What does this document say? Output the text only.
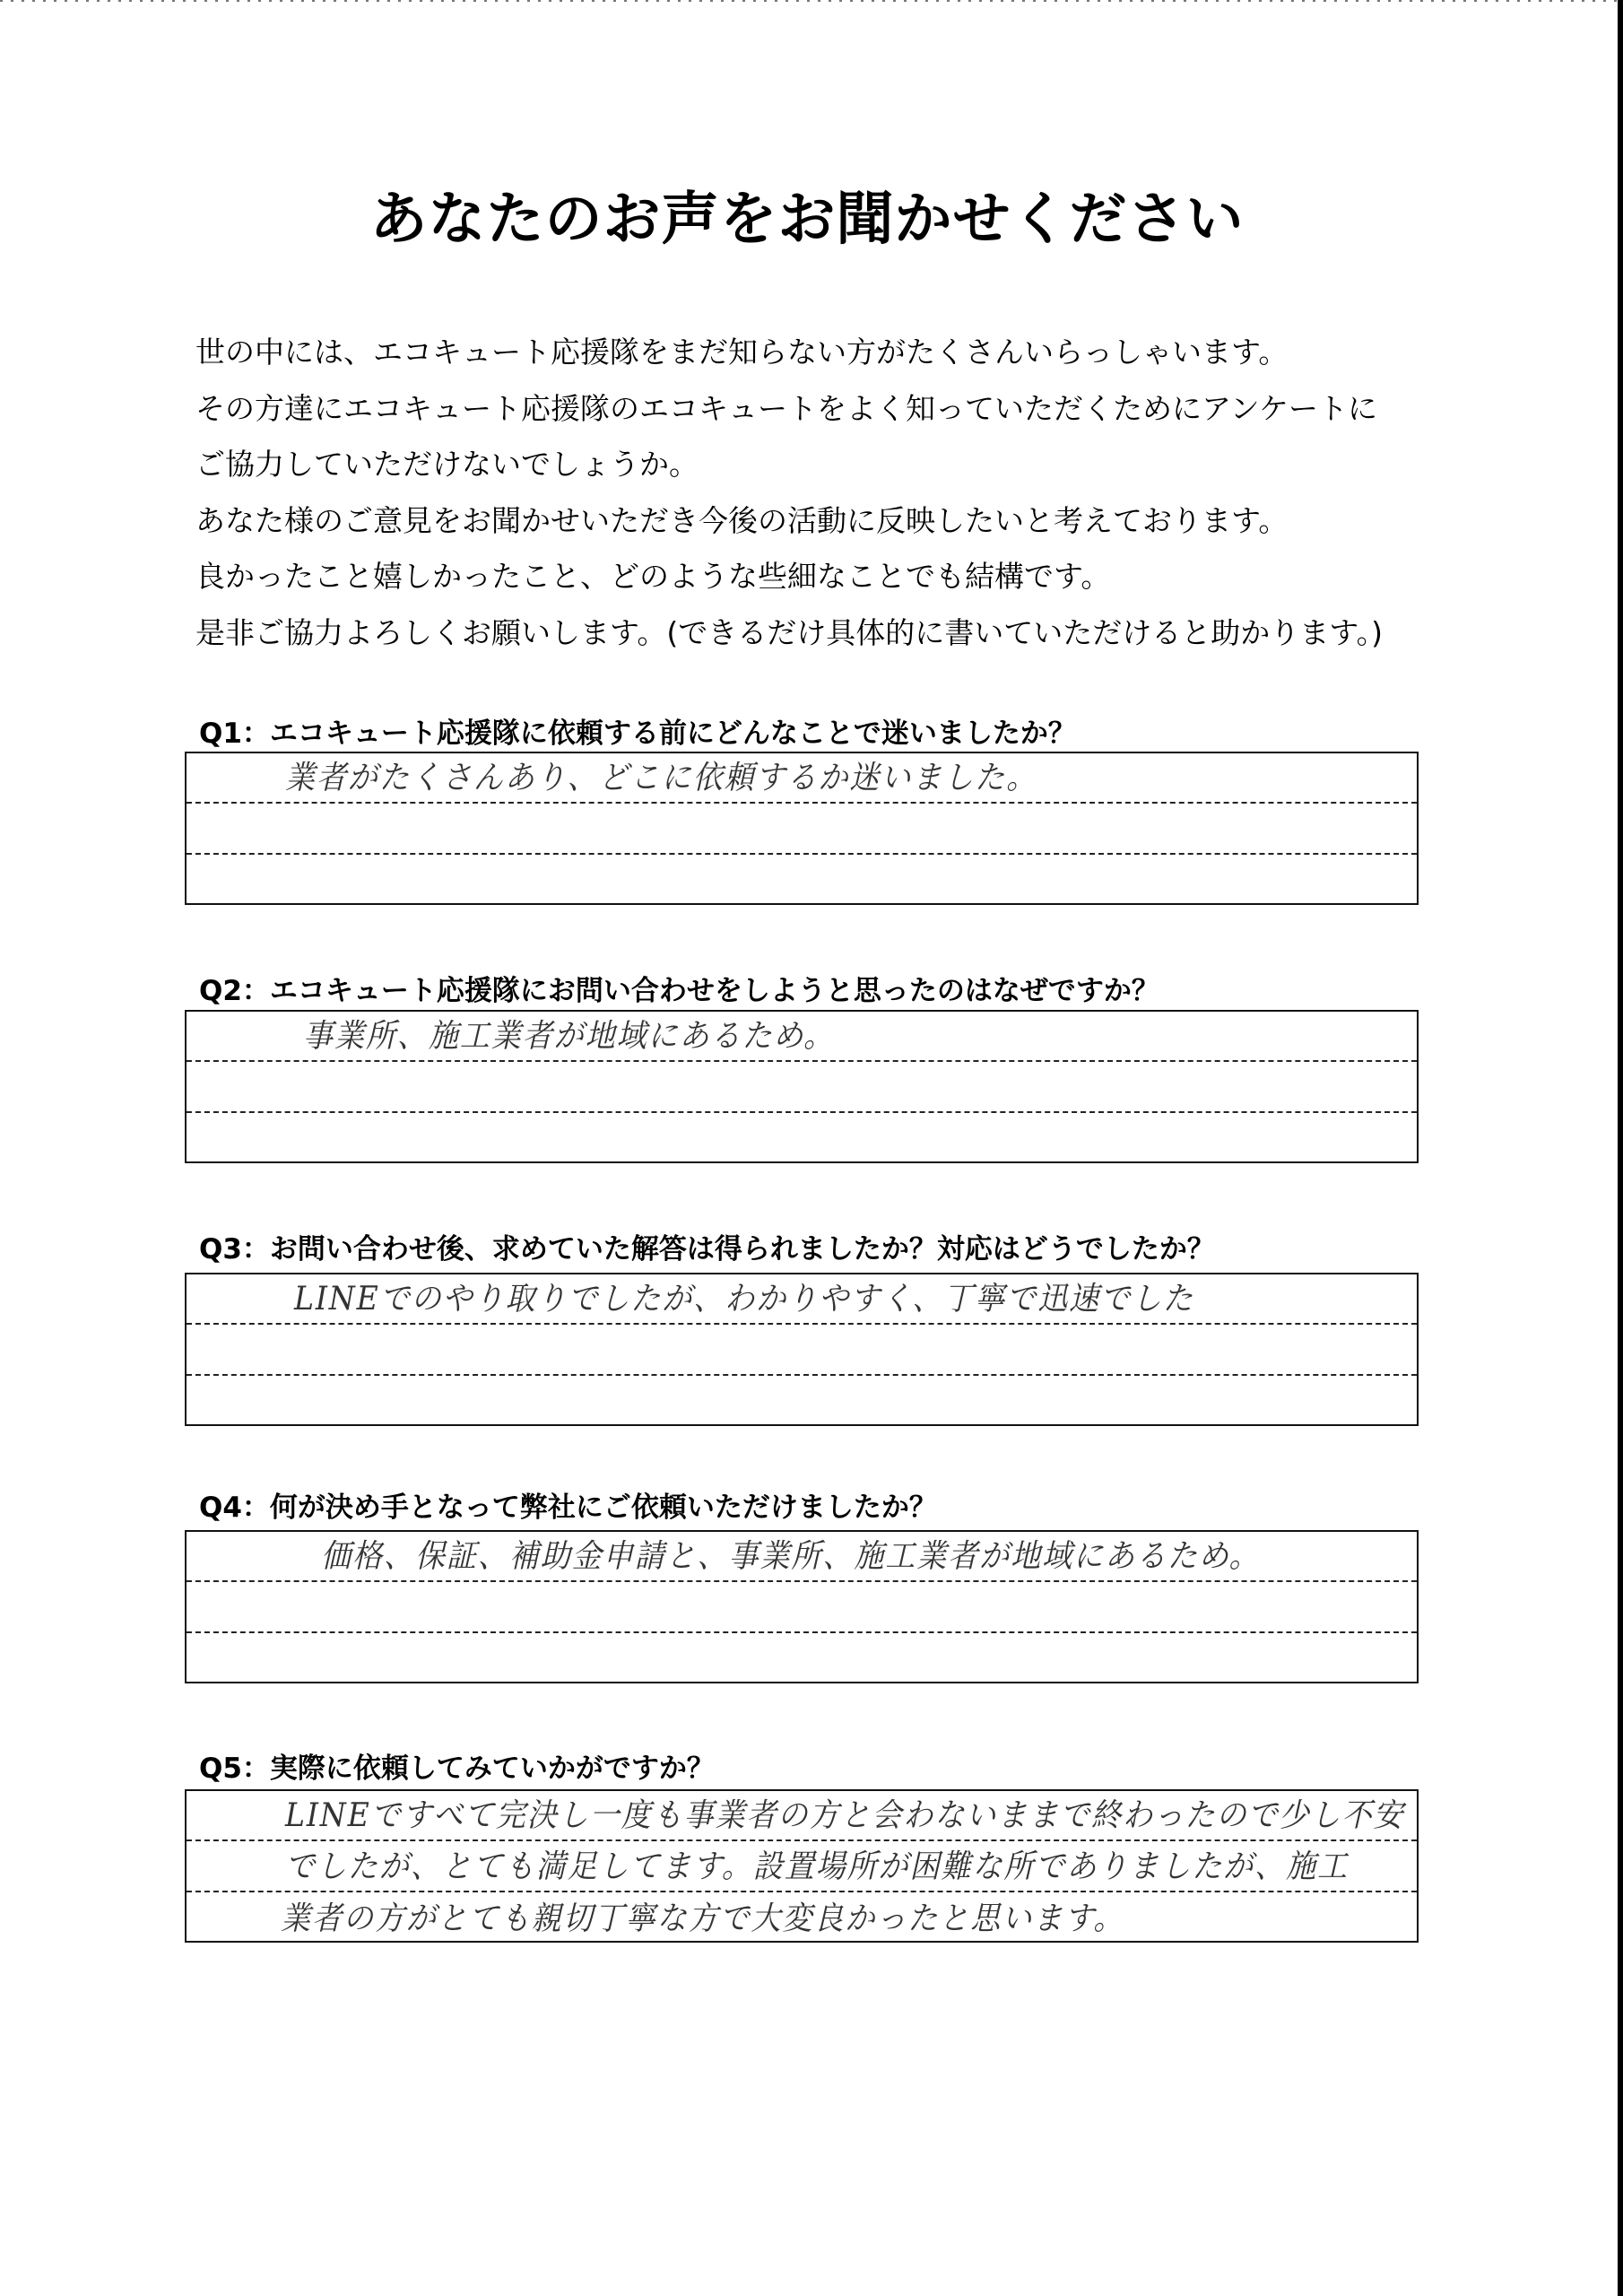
あなたのお声をお聞かせください
世の中には、エコキュート応援隊をまだ知らない方がたくさんいらっしゃいます。
その方達にエコキュート応援隊のエコキュートをよく知っていただくためにアンケートに
ご協力していただけないでしょうか。
あなた様のご意見をお聞かせいただき今後の活動に反映したいと考えております。
良かったこと嬉しかったこと、どのような些細なことでも結構です。
是非ご協力よろしくお願いします。(できるだけ具体的に書いていただけると助かります。)
Q1：エコキュート応援隊に依頼する前にどんなことで迷いましたか？
業者がたくさんあり、どこに依頼するか迷いました。
Q2：エコキュート応援隊にお問い合わせをしようと思ったのはなぜですか？
事業所、施工業者が地域にあるため。
Q3：お問い合わせ後、求めていた解答は得られましたか？対応はどうでしたか？
LINEでのやり取りでしたが、わかりやすく、丁寧で迅速でした
Q4：何が決め手となって弊社にご依頼いただけましたか？
価格、保証、補助金申請と、事業所、施工業者が地域にあるため。
Q5：実際に依頼してみていかがですか？
LINEですべて完決し一度も事業者の方と会わないままで終わったので少し不安
でしたが、とても満足してます。設置場所が困難な所でありましたが、施工
業者の方がとても親切丁寧な方で大変良かったと思います。
